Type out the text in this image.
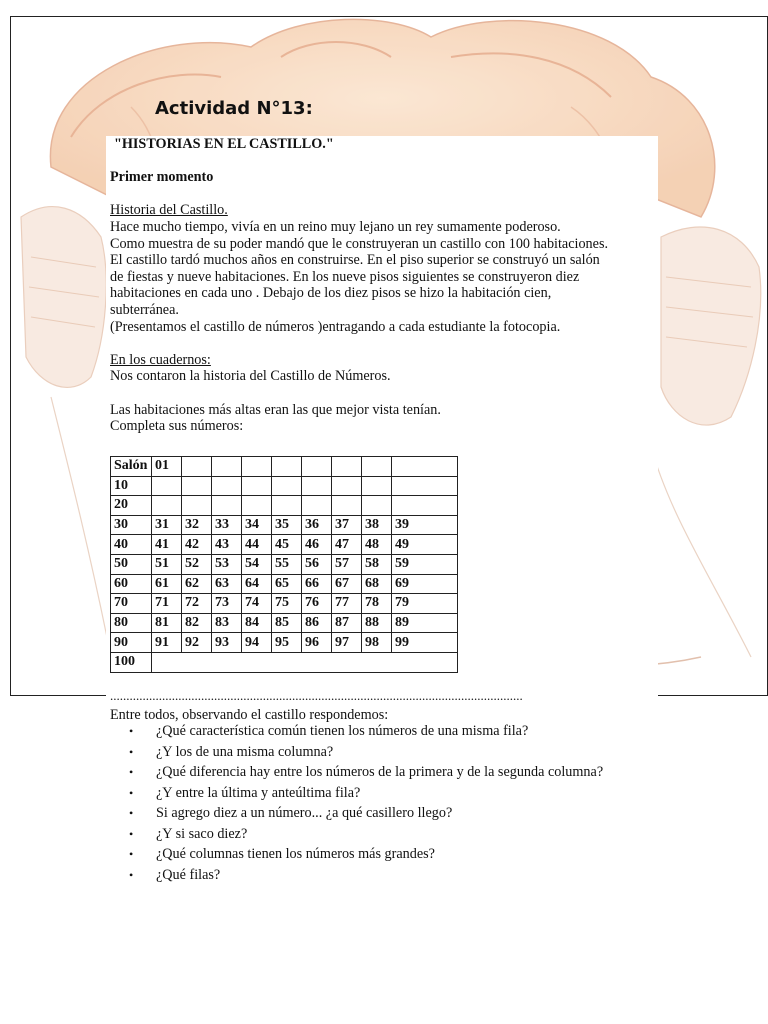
Actividad N°13:

"HISTORIAS EN EL CASTILLO."

Primer momento

Historia del Castillo.

Hace mucho tiempo, vivía en un reino muy lejano un rey sumamente poderoso.

Como muestra de su poder mandó que le construyeran un castillo con 100 habitaciones.

El castillo tardó muchos años en construirse. En el piso superior se construyó un salón

de fiestas y nueve habitaciones. En los nueve pisos siguientes se construyeron diez

habitaciones en cada uno . Debajo de los diez pisos se hizo la habitación cien,

subterránea.

(Presentamos el castillo de números )entragando a cada estudiante la fotocopia.

En los cuadernos:

Nos contaron la historia del Castillo de Números.

Las habitaciones más altas eran las que mejor vista tenían.

Completa sus números:

Salón	01								
10									
20									
30	31	32	33	34	35	36	37	38	39
40	41	42	43	44	45	46	47	48	49
50	51	52	53	54	55	56	57	58	59
60	61	62	63	64	65	66	67	68	69
70	71	72	73	74	75	76	77	78	79
80	81	82	83	84	85	86	87	88	89
90	91	92	93	94	95	96	97	98	99
100									
...............................................................................................................................
Entre todos, observando el castillo respondemos:
• ¿Qué característica común tienen los números de una misma fila?
• ¿Y los de una misma columna?
• ¿Qué diferencia hay entre los números de la primera y de la segunda columna?
• ¿Y entre la última y anteúltima fila?
• Si agrego diez a un número... ¿a qué casillero llego?
• ¿Y si saco diez?
• ¿Qué columnas tienen los números más grandes?
• ¿Qué filas?
